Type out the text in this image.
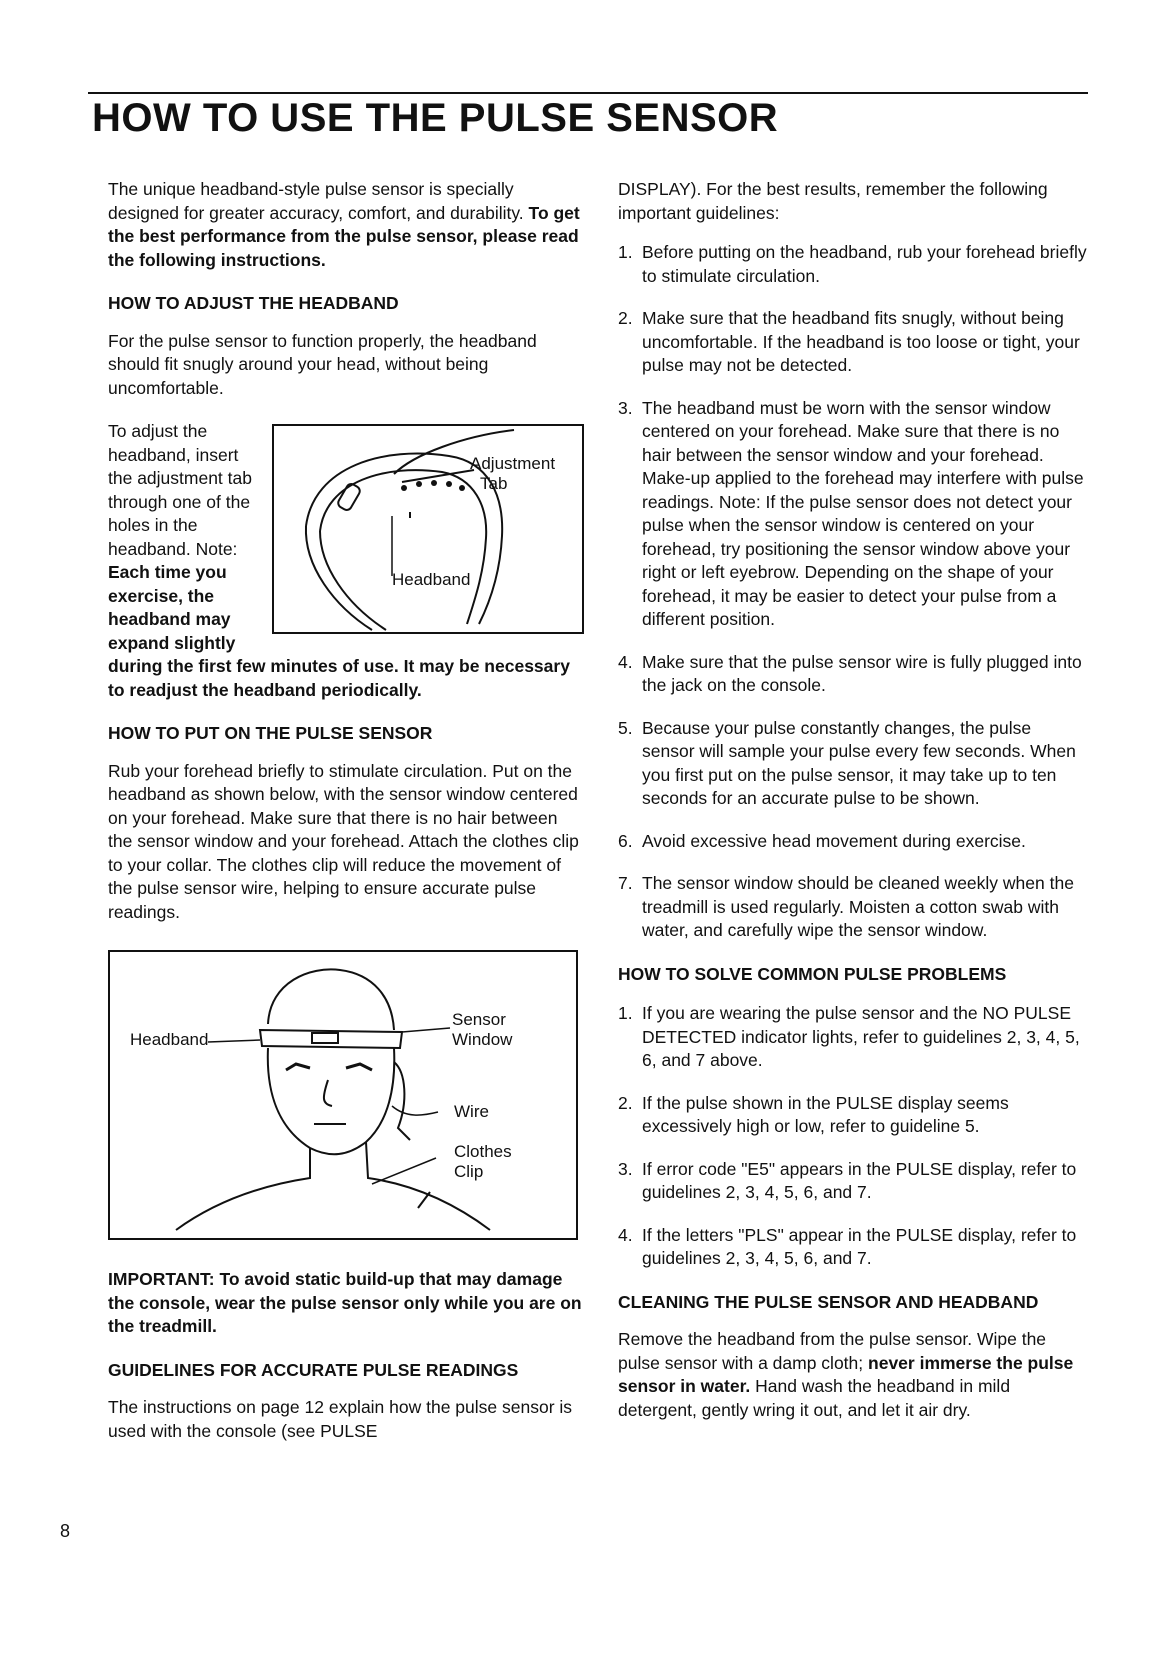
HOW TO USE THE PULSE SENSOR

The unique headband-style pulse sensor is specially designed for greater accuracy, comfort, and durability. To get the best performance from the pulse sensor, please read the following instructions.

HOW TO ADJUST THE HEADBAND

For the pulse sensor to function properly, the headband should fit snugly around your head, without being uncomfortable.

Adjustment
Tab
Headband

To adjust the headband, insert the adjustment tab through one of the holes in the headband. Note: Each time you exercise, the headband may expand slightly during the first few minutes of use. It may be necessary to readjust the headband periodically.

HOW TO PUT ON THE PULSE SENSOR

Rub your forehead briefly to stimulate circulation. Put on the headband as shown below, with the sensor window centered on your forehead. Make sure that there is no hair between the sensor window and your forehead. Attach the clothes clip to your collar. The clothes clip will reduce the movement of the pulse sensor wire, helping to ensure accurate pulse readings.

Headband
Sensor
Window
Wire
Clothes
Clip

IMPORTANT: To avoid static build-up that may damage the console, wear the pulse sensor only while you are on the treadmill.

GUIDELINES FOR ACCURATE PULSE READINGS

The instructions on page 12 explain how the pulse sensor is used with the console (see PULSE

DISPLAY). For the best results, remember the following important guidelines:

1. Before putting on the headband, rub your forehead briefly to stimulate circulation.
2. Make sure that the headband fits snugly, without being uncomfortable. If the headband is too loose or tight, your pulse may not be detected.
3. The headband must be worn with the sensor window centered on your forehead. Make sure that there is no hair between the sensor window and your forehead. Make-up applied to the forehead may interfere with pulse readings. Note: If the pulse sensor does not detect your pulse when the sensor window is centered on your forehead, try positioning the sensor window above your right or left eyebrow. Depending on the shape of your forehead, it may be easier to detect your pulse from a different position.
4. Make sure that the pulse sensor wire is fully plugged into the jack on the console.
5. Because your pulse constantly changes, the pulse sensor will sample your pulse every few seconds. When you first put on the pulse sensor, it may take up to ten seconds for an accurate pulse to be shown.
6. Avoid excessive head movement during exercise.
7. The sensor window should be cleaned weekly when the treadmill is used regularly. Moisten a cotton swab with water, and carefully wipe the sensor window.
HOW TO SOLVE COMMON PULSE PROBLEMS
1. If you are wearing the pulse sensor and the NO PULSE DETECTED indicator lights, refer to guidelines 2, 3, 4, 5, 6, and 7 above.
2. If the pulse shown in the PULSE display seems excessively high or low, refer to guideline 5.
3. If error code "E5" appears in the PULSE display, refer to guidelines 2, 3, 4, 5, 6, and 7.
4. If the letters "PLS" appear in the PULSE display, refer to guidelines 2, 3, 4, 5, 6, and 7.
CLEANING THE PULSE SENSOR AND HEADBAND

Remove the headband from the pulse sensor. Wipe the pulse sensor with a damp cloth; never immerse the pulse sensor in water. Hand wash the headband in mild detergent, gently wring it out, and let it air dry.

8
